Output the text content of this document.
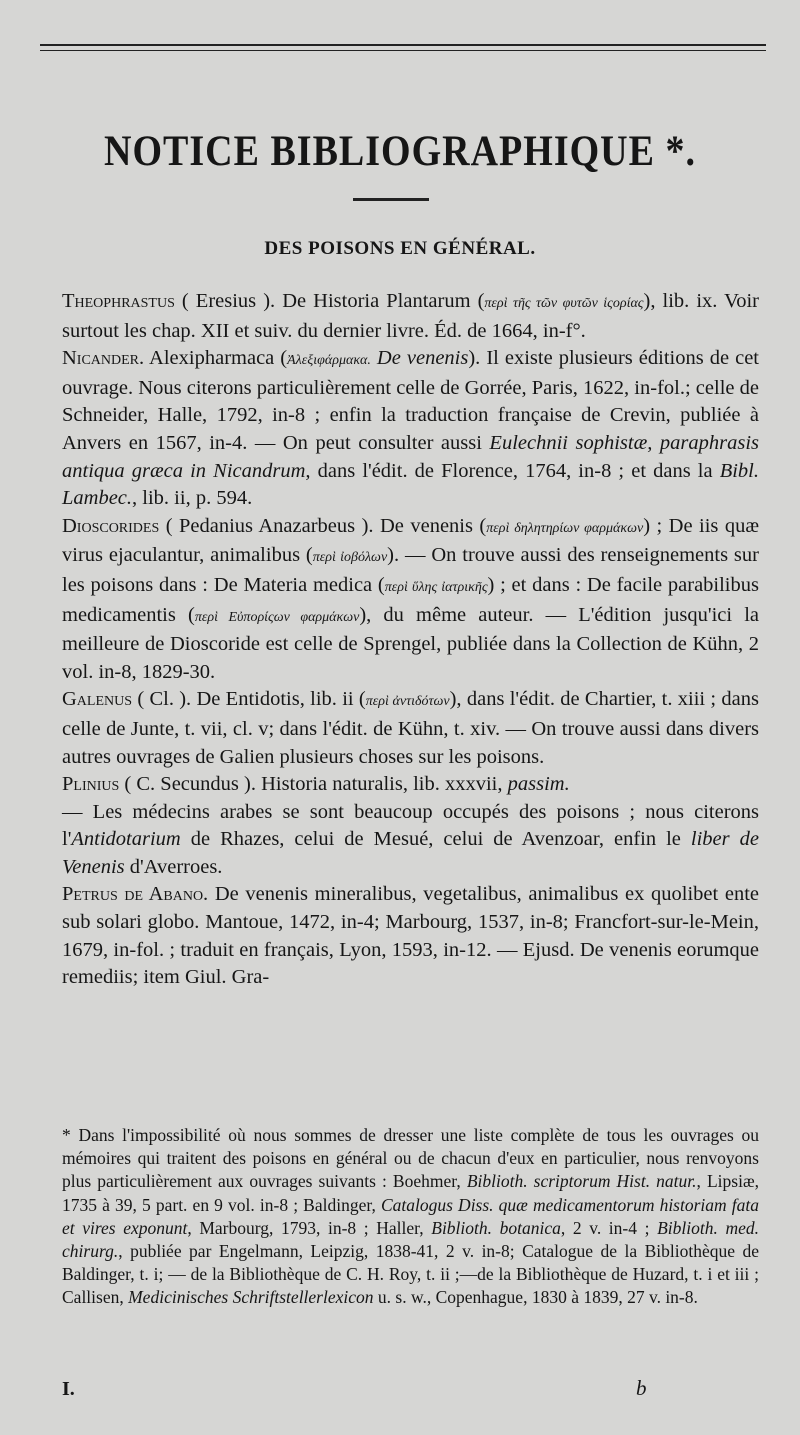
NOTICE BIBLIOGRAPHIQUE *.
DES POISONS EN GÉNÉRAL.

Theophrastus ( Eresius ). De Historia Plantarum (περὶ τῆς τῶν φυτῶν ἱςορίας), lib. ix. Voir surtout les chap. XII et suiv. du dernier livre. Éd. de 1664, in-f°.

Nicander. Alexipharmaca (Ἀλεξιφάρμακα. De venenis). Il existe plusieurs éditions de cet ouvrage. Nous citerons particulièrement celle de Gorrée, Paris, 1622, in-fol.; celle de Schneider, Halle, 1792, in-8 ; enfin la traduction française de Crevin, publiée à Anvers en 1567, in-4. — On peut consulter aussi Eulechnii sophistæ, paraphrasis antiqua græca in Nicandrum, dans l'édit. de Florence, 1764, in-8 ; et dans la Bibl. Lambec., lib. ii, p. 594.

Dioscorides ( Pedanius Anazarbeus ). De venenis (περὶ δηλητηρίων φαρμάκων) ; De iis quæ virus ejaculantur, animalibus (περὶ ἰοβόλων). — On trouve aussi des renseignements sur les poisons dans : De Materia medica (περὶ ὕλης ἰατρικῆς) ; et dans : De facile parabilibus medicamentis (περὶ Εὐπορίςων φαρμάκων), du même auteur. — L'édition jusqu'ici la meilleure de Dioscoride est celle de Sprengel, publiée dans la Collection de Kühn, 2 vol. in-8, 1829-30.

Galenus ( Cl. ). De Entidotis, lib. ii (περὶ ἀντιδότων), dans l'édit. de Chartier, t. xiii ; dans celle de Junte, t. vii, cl. v; dans l'édit. de Kühn, t. xiv. — On trouve aussi dans divers autres ouvrages de Galien plusieurs choses sur les poisons.

Plinius ( C. Secundus ). Historia naturalis, lib. xxxvii, passim.

— Les médecins arabes se sont beaucoup occupés des poisons ; nous citerons l'Antidotarium de Rhazes, celui de Mesué, celui de Avenzoar, enfin le liber de Venenis d'Averroes.

Petrus de Abano. De venenis mineralibus, vegetalibus, animalibus ex quolibet ente sub solari globo. Mantoue, 1472, in-4; Marbourg, 1537, in-8; Francfort-sur-le-Mein, 1679, in-fol. ; traduit en français, Lyon, 1593, in-12. — Ejusd. De venenis eorumque remediis; item Giul. Gra-

* Dans l'impossibilité où nous sommes de dresser une liste complète de tous les ouvrages ou mémoires qui traitent des poisons en général ou de chacun d'eux en particulier, nous renvoyons plus particulièrement aux ouvrages suivants : Boehmer, Biblioth. scriptorum Hist. natur., Lipsiæ, 1735 à 39, 5 part. en 9 vol. in-8 ; Baldinger, Catalogus Diss. quæ medicamentorum historiam fata et vires exponunt, Marbourg, 1793, in-8 ; Haller, Biblioth. botanica, 2 v. in-4 ; Biblioth. med. chirurg., publiée par Engelmann, Leipzig, 1838-41, 2 v. in-8; Catalogue de la Bibliothèque de Baldinger, t. i; — de la Bibliothèque de C. H. Roy, t. ii ;—de la Bibliothèque de Huzard, t. i et iii ; Callisen, Medicinisches Schriftstellerlexicon u. s. w., Copenhague, 1830 à 1839, 27 v. in-8.

I.	b
